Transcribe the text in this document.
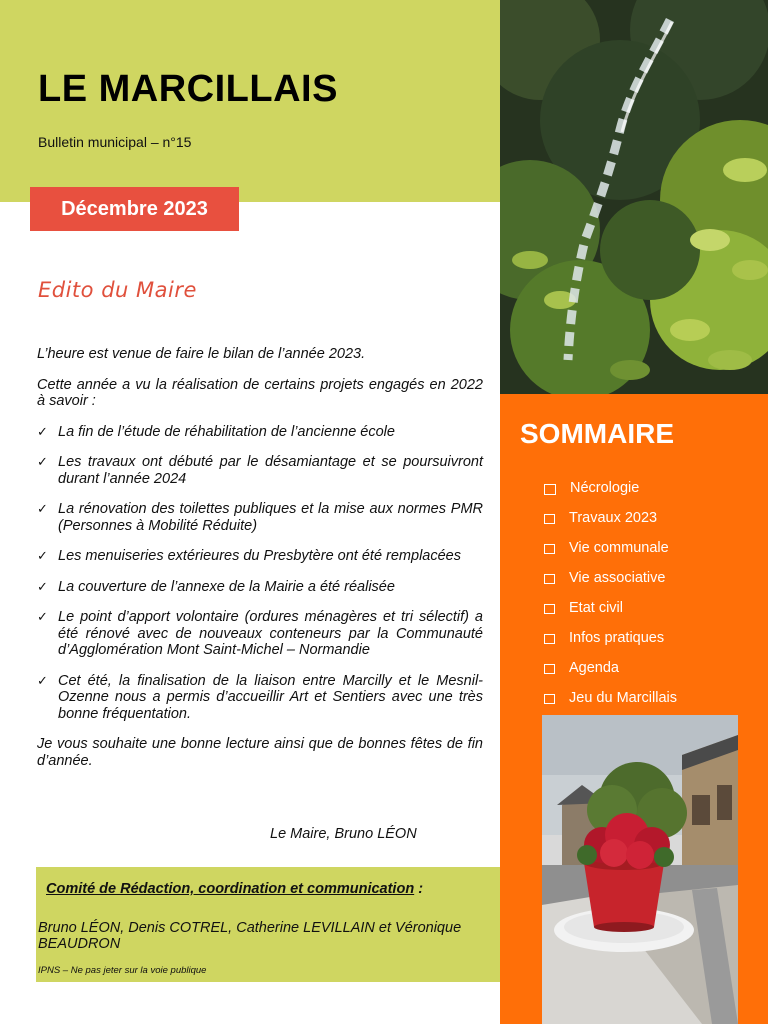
LE MARCILLAIS
Bulletin municipal – n°15
Décembre 2023
Edito du Maire

L’heure est venue de faire le bilan de l’année 2023.

Cette année a vu la réalisation de certains projets engagés en 2022 à savoir :

✓ La fin de l’étude de réhabilitation de l’ancienne école
✓ Les travaux ont débuté par le désamiantage et se poursuivront durant l’année 2024
✓ La rénovation des toilettes publiques et la mise aux normes PMR (Personnes à Mobilité Réduite)
✓ Les menuiseries extérieures du Presbytère ont été remplacées
✓ La couverture de l’annexe de la Mairie a été réalisée
✓ Le point d’apport volontaire (ordures ménagères et tri sélectif) a été rénové avec de nouveaux conteneurs par la Communauté d’Agglomération Mont Saint-Michel – Normandie
✓ Cet été, la finalisation de la liaison entre Marcilly et le Mesnil-Ozenne nous a permis d’accueillir Art et Sentiers avec une très bonne fréquentation.

Je vous souhaite une bonne lecture ainsi que de bonnes fêtes de fin d’année.

Le Maire, Bruno LÉON
Comité de Rédaction, coordination et communication :
Bruno LÉON, Denis COTREL, Catherine LEVILLAIN et Véronique BEAUDRON
IPNS – Ne pas jeter sur la voie publique
SOMMAIRE
Nécrologie
Travaux 2023
Vie communale
Vie associative
Etat civil
Infos pratiques
Agenda
Jeu du Marcillais
